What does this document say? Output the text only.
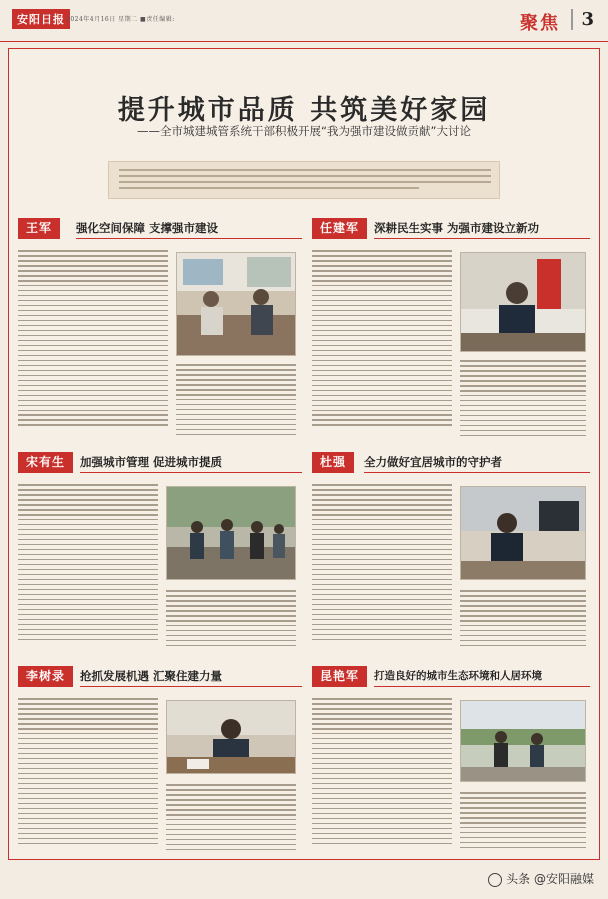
安阳日报 2024年4月16日 星期二 ■责任编辑:	聚焦	3
提升城市品质 共筑美好家园
——全市城建城管系统干部积极开展“我为强市建设做贡献”大讨论
王军	强化空间保障 支撑强市建设	任建军	深耕民生实事 为强市建设立新功
宋有生	加强城市管理 促进城市提质	杜强	全力做好宜居城市的守护者
李树录	抢抓发展机遇 汇聚住建力量	昆艳军	打造良好的城市生态环境和人居环境
头条 @安阳融媒
